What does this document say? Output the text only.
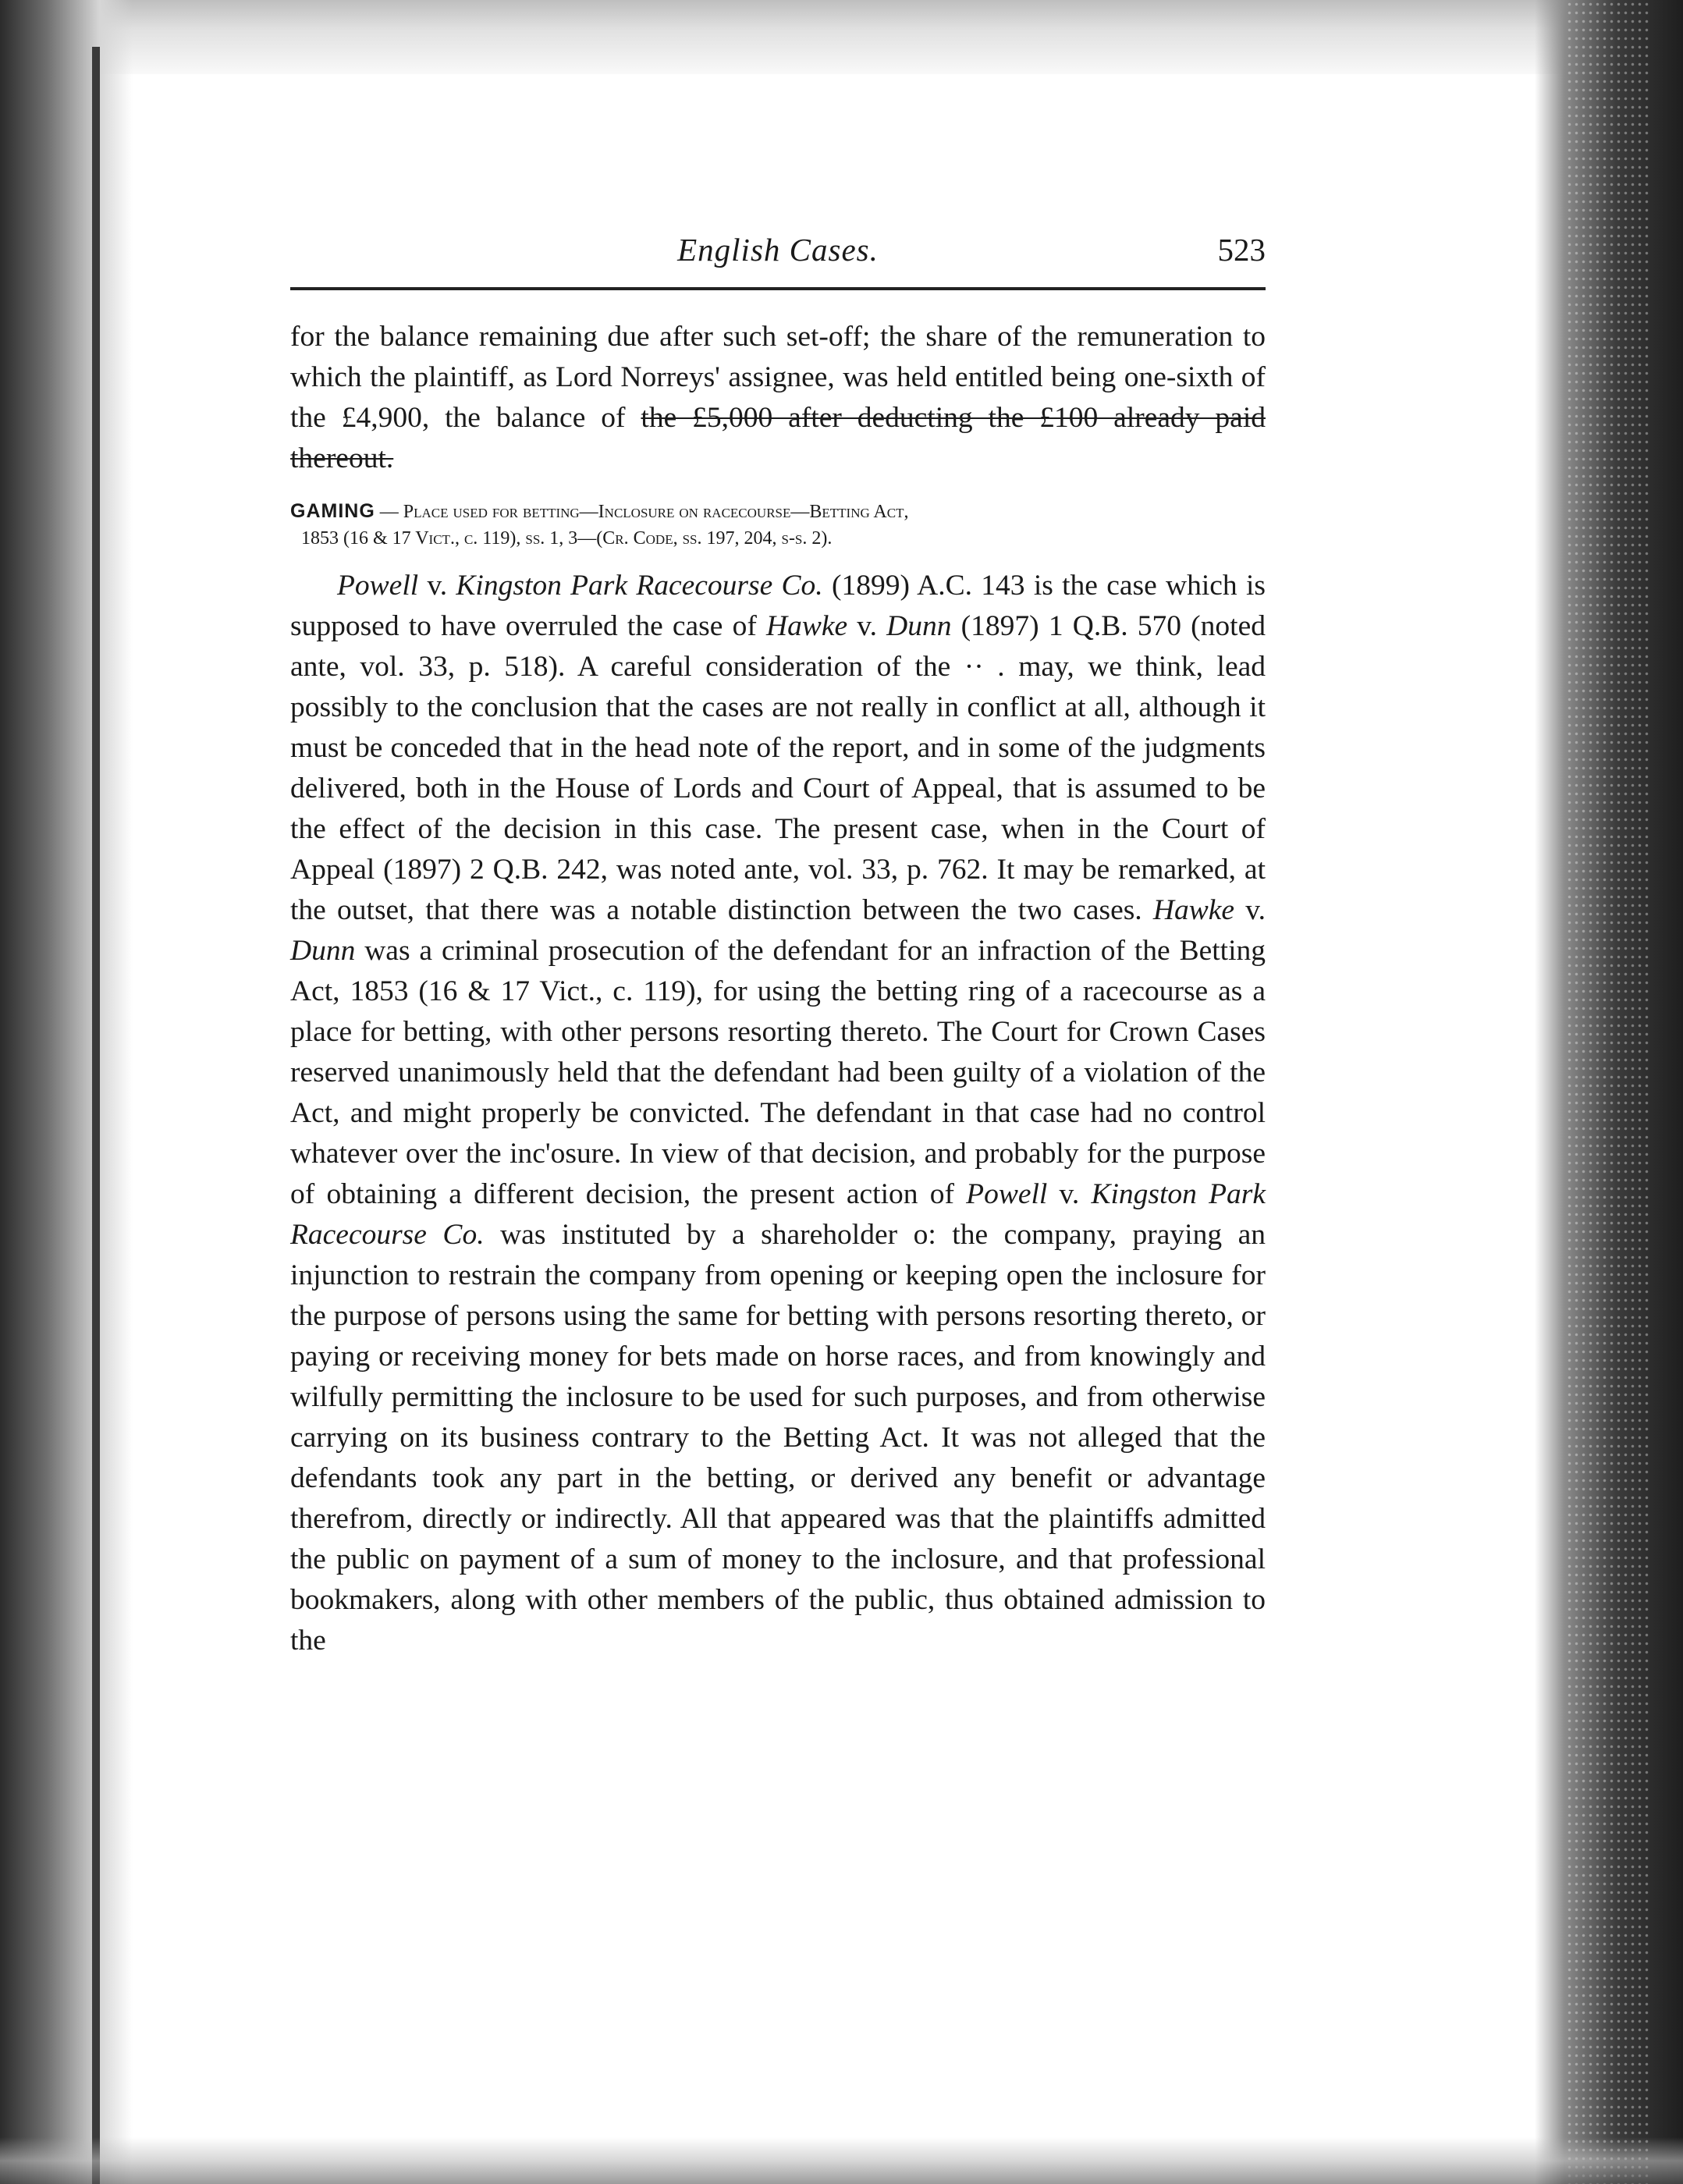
English Cases.	523

for the balance remaining due after such set-off; the share of the remuneration to which the plaintiff, as Lord Norreys' assignee, was held entitled being one-sixth of the £4,900, the balance of the £5,000 after deducting the £100 already paid thereout.

GAMING — Place used for betting—Inclosure on racecourse—Betting Act,
1853 (16 & 17 Vict., c. 119), ss. 1, 3—(Cr. Code, ss. 197, 204, s-s. 2).

Powell v. Kingston Park Racecourse Co. (1899) A.C. 143 is the case which is supposed to have overruled the case of Hawke v. Dunn (1897) 1 Q.B. 570 (noted ante, vol. 33, p. 518). A careful consideration of the ·· . may, we think, lead possibly to the conclusion that the cases are not really in conflict at all, although it must be conceded that in the head note of the report, and in some of the judgments delivered, both in the House of Lords and Court of Appeal, that is assumed to be the effect of the decision in this case. The present case, when in the Court of Appeal (1897) 2 Q.B. 242, was noted ante, vol. 33, p. 762. It may be remarked, at the outset, that there was a notable distinction between the two cases. Hawke v. Dunn was a criminal prosecution of the defendant for an infraction of the Betting Act, 1853 (16 & 17 Vict., c. 119), for using the betting ring of a racecourse as a place for betting, with other persons resorting thereto. The Court for Crown Cases reserved unanimously held that the defendant had been guilty of a violation of the Act, and might properly be convicted. The defendant in that case had no control whatever over the inc'osure. In view of that decision, and probably for the purpose of obtaining a different decision, the present action of Powell v. Kingston Park Racecourse Co. was instituted by a shareholder o: the company, praying an injunction to restrain the company from opening or keeping open the inclosure for the purpose of persons using the same for betting with persons resorting thereto, or paying or receiving money for bets made on horse races, and from knowingly and wilfully permitting the inclosure to be used for such purposes, and from otherwise carrying on its business contrary to the Betting Act. It was not alleged that the defendants took any part in the betting, or derived any benefit or advantage therefrom, directly or indirectly. All that appeared was that the plaintiffs admitted the public on payment of a sum of money to the inclosure, and that professional bookmakers, along with other members of the public, thus obtained admission to the
